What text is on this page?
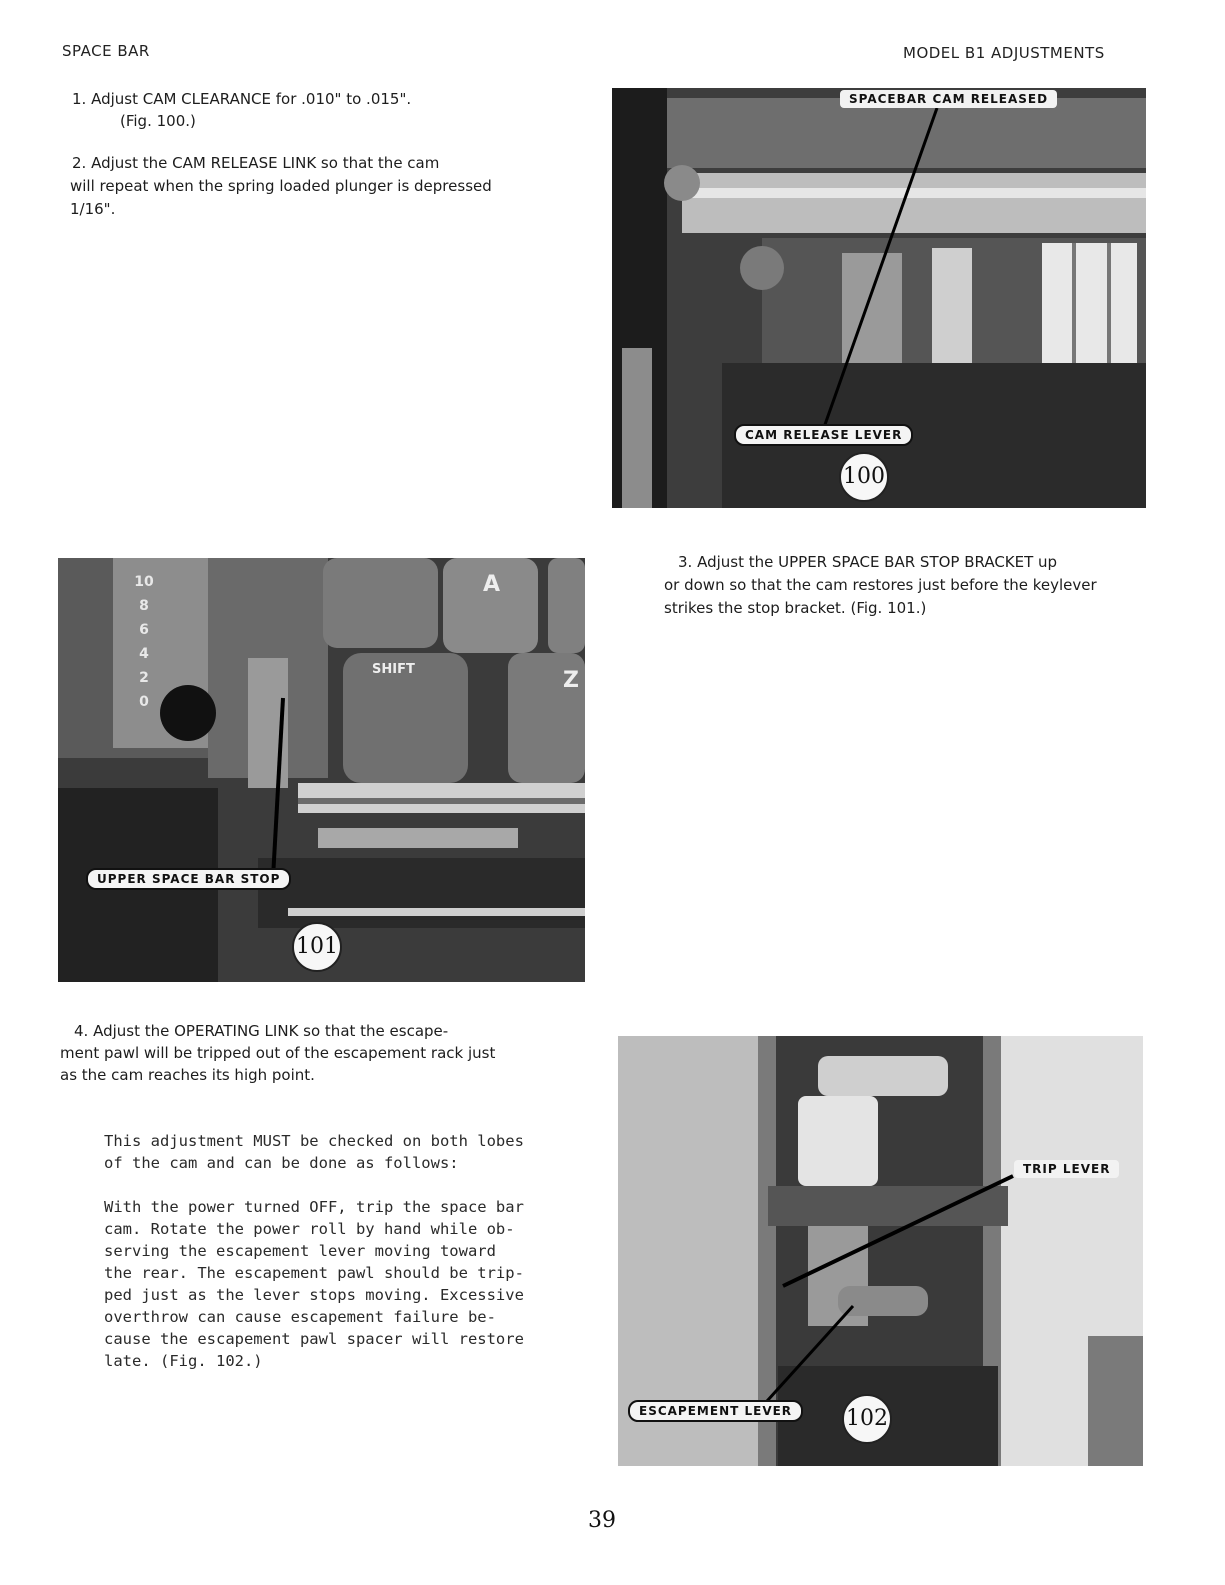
SPACE BAR	MODEL B1 ADJUSTMENTS
1. Adjust CAM CLEARANCE for .010" to .015".
(Fig. 100.)
2. Adjust the CAM RELEASE LINK so that the cam
will repeat when the spring loaded plunger is depressed
1/16".
SPACEBAR CAM RELEASED
CAM RELEASE LEVER
100
3. Adjust the UPPER SPACE BAR STOP BRACKET up
or down so that the cam restores just before the keylever
strikes the stop bracket. (Fig. 101.)
10
8
6
4
2
0
SHIFT
A
Z
UPPER SPACE BAR STOP
101
4. Adjust the OPERATING LINK so that the escape-
ment pawl will be tripped out of the escapement rack just
as the cam reaches its high point.
This adjustment MUST be checked on both lobes
of the cam and can be done as follows:
With the power turned OFF, trip the space bar
cam. Rotate the power roll by hand while ob-
serving the escapement lever moving toward
the rear. The escapement pawl should be trip-
ped just as the lever stops moving. Excessive
overthrow can cause escapement failure be-
cause the escapement pawl spacer will restore
late. (Fig. 102.)
TRIP LEVER
ESCAPEMENT LEVER	102
39
